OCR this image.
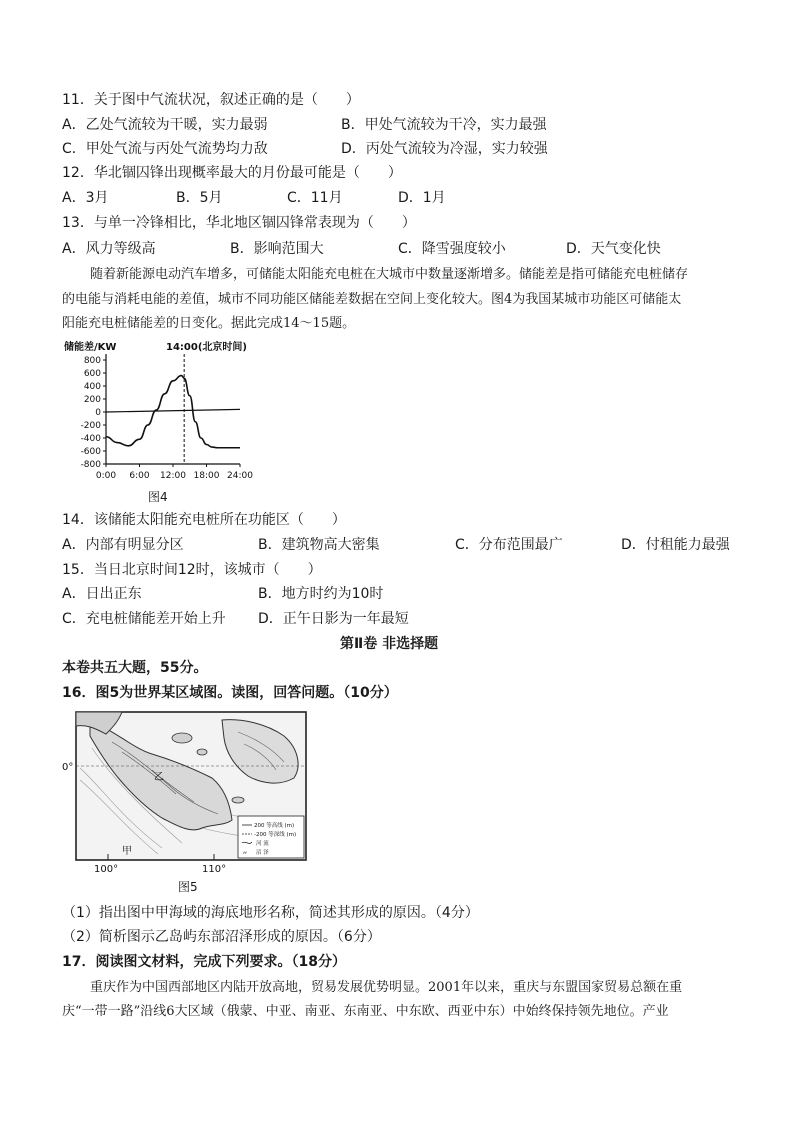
11．关于图中气流状况，叙述正确的是（　　）
A．乙处气流较为干暖，实力最弱	B．甲处气流较为干冷，实力最强
C．甲处气流与丙处气流势均力敌	D．丙处气流较为冷湿，实力较强
12．华北锢囚锋出现概率最大的月份最可能是（　　）
A．3月	B．5月	C．11月	D．1月
13．与单一冷锋相比，华北地区锢囚锋常表现为（　　）
A．风力等级高	B．影响范围大	C．降雪强度较小	D．天气变化快
随着新能源电动汽车增多，可储能太阳能充电桩在大城市中数量逐渐增多。储能差是指可储能充电桩储存
的电能与消耗电能的差值，城市不同功能区储能差数据在空间上变化较大。图4为我国某城市功能区可储能太
阳能充电桩储能差的日变化。据此完成14～15题。
800
600
400
200
0
-200
-400
-600
-800
0:00 6:00 12:00 18:00 24:00
储能差/KW	14:00(北京时间)
图4
14．该储能太阳能充电桩所在功能区（　　）
A．内部有明显分区	B．建筑物高大密集	C．分布范围最广	D．付租能力最强
15．当日北京时间12时，该城市（　　）
A．日出正东	B．地方时约为10时
C．充电桩储能差开始上升 D．正午日影为一年最短
第Ⅱ卷 非选择题
本卷共五大题，55分。
16．图5为世界某区域图。读图，回答问题。（10分）
0°
100°	110°
甲
乙
200 等高线 (m)
-200 等深线 (m)
河 流
⸗⸗ 沼 泽
图5
（1）指出图中甲海域的海底地形名称，简述其形成的原因。（4分）
（2）简析图示乙岛屿东部沼泽形成的原因。（6分）
17．阅读图文材料，完成下列要求。（18分）
重庆作为中国西部地区内陆开放高地，贸易发展优势明显。2001年以来，重庆与东盟国家贸易总额在重
庆“一带一路”沿线6大区域（俄蒙、中亚、南亚、东南亚、中东欧、西亚中东）中始终保持领先地位。产业
